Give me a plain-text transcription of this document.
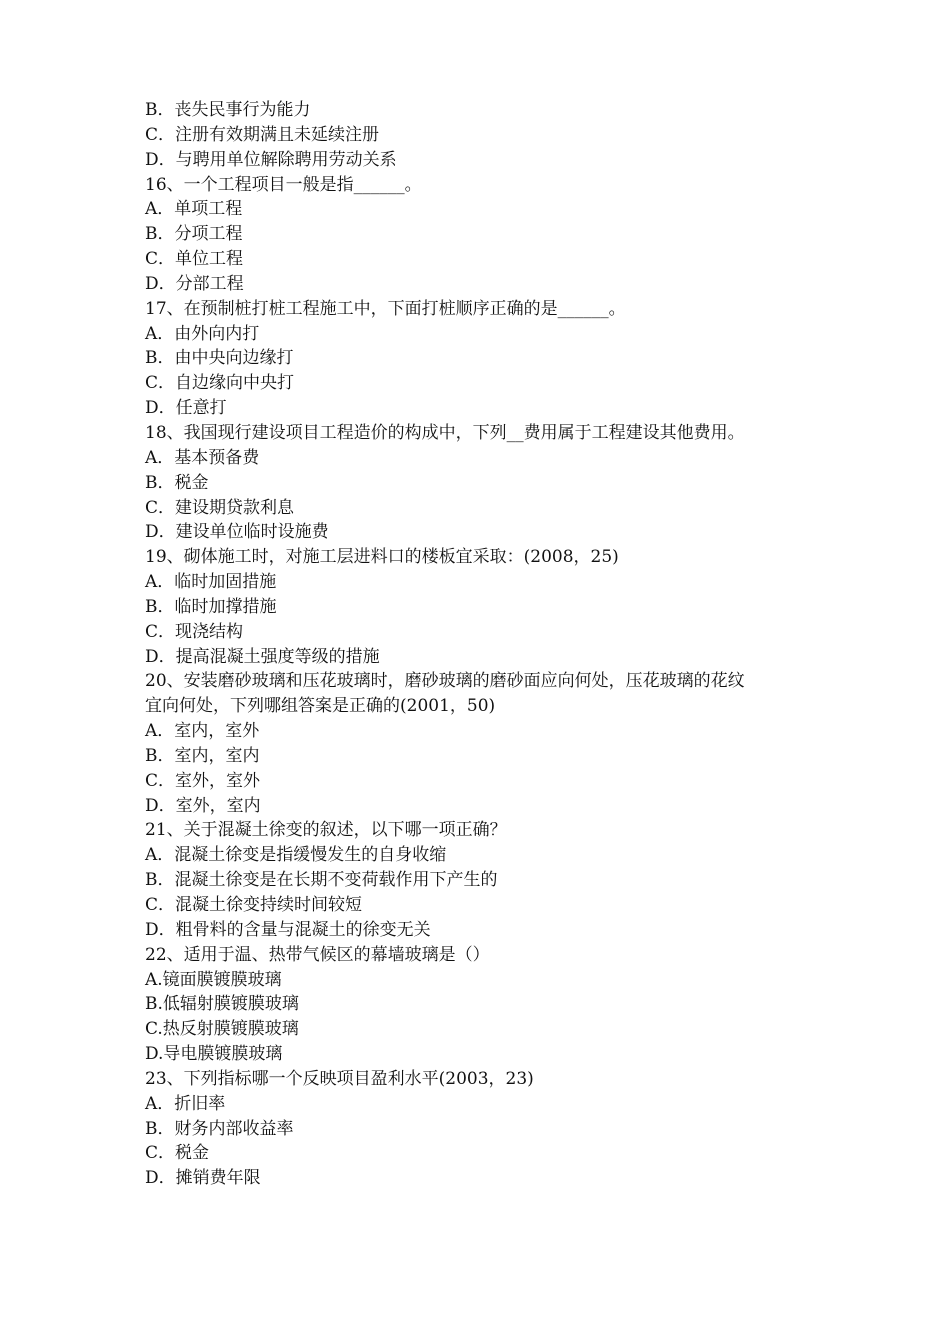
B．丧失民事行为能力
C．注册有效期满且未延续注册
D．与聘用单位解除聘用劳动关系
16、一个工程项目一般是指______。
A．单项工程
B．分项工程
C．单位工程
D．分部工程
17、在预制桩打桩工程施工中，下面打桩顺序正确的是______。
A．由外向内打
B．由中央向边缘打
C．自边缘向中央打
D．任意打
18、我国现行建设项目工程造价的构成中，下列__费用属于工程建设其他费用。
A．基本预备费
B．税金
C．建设期贷款利息
D．建设单位临时设施费
19、砌体施工时，对施工层进料口的楼板宜采取：(2008，25)
A．临时加固措施
B．临时加撑措施
C．现浇结构
D．提高混凝土强度等级的措施
20、安装磨砂玻璃和压花玻璃时，磨砂玻璃的磨砂面应向何处，压花玻璃的花纹
宜向何处，下列哪组答案是正确的(2001，50)
A．室内，室外
B．室内，室内
C．室外，室外
D．室外，室内
21、关于混凝土徐变的叙述，以下哪一项正确？
A．混凝土徐变是指缓慢发生的自身收缩
B．混凝土徐变是在长期不变荷载作用下产生的
C．混凝土徐变持续时间较短
D．粗骨料的含量与混凝土的徐变无关
22、适用于温、热带气候区的幕墙玻璃是（）
A.镜面膜镀膜玻璃
B.低辐射膜镀膜玻璃
C.热反射膜镀膜玻璃
D.导电膜镀膜玻璃
23、下列指标哪一个反映项目盈利水平(2003，23)
A．折旧率
B．财务内部收益率
C．税金
D．摊销费年限
